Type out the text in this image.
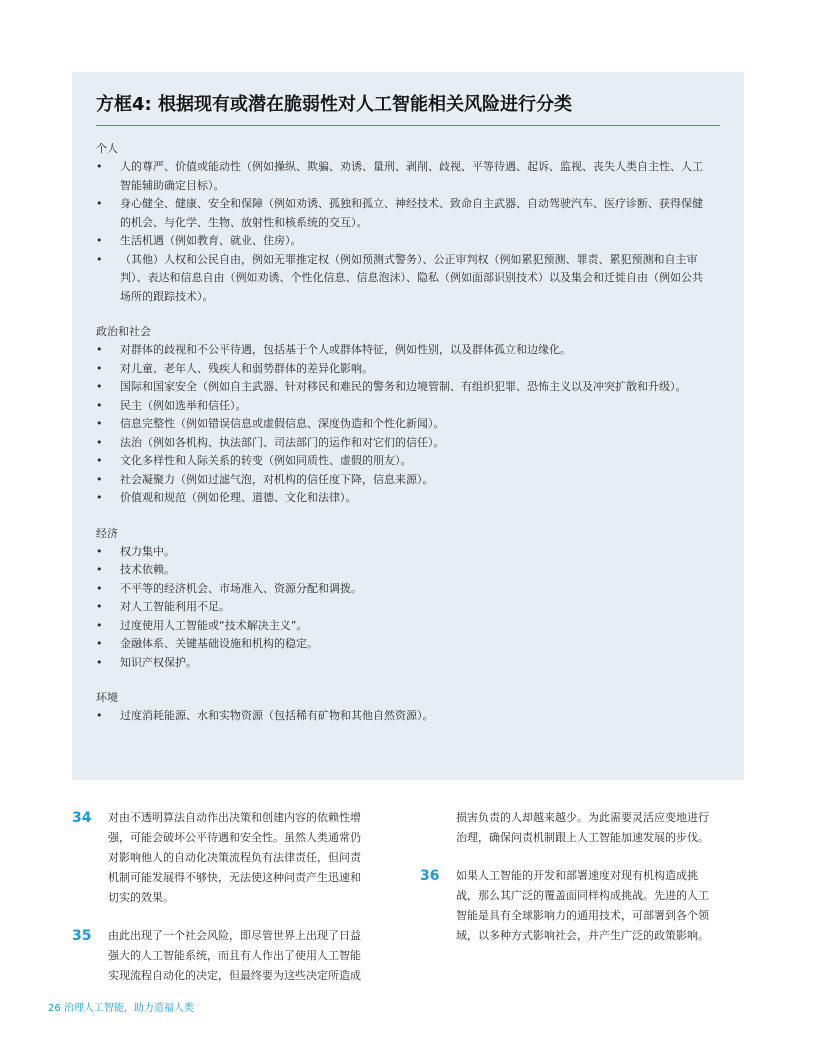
方框4: 根据现有或潜在脆弱性对人工智能相关风险进行分类
个人
• 人的尊严、价值或能动性（例如操纵、欺骗、劝诱、量刑、剥削、歧视、平等待遇、起诉、监视、丧失人类自主性、人工智能辅助确定目标）。
• 身心健全、健康、安全和保障（例如劝诱、孤独和孤立、神经技术、致命自主武器、自动驾驶汽车、医疗诊断、获得保健的机会、与化学、生物、放射性和核系统的交互）。
• 生活机遇（例如教育、就业、住房）。
• （其他）人权和公民自由，例如无罪推定权（例如预测式警务）、公正审判权（例如累犯预测、罪责、累犯预测和自主审判）、表达和信息自由（例如劝诱、个性化信息、信息泡沫）、隐私（例如面部识别技术）以及集会和迁徙自由（例如公共场所的跟踪技术）。
政治和社会
• 对群体的歧视和不公平待遇，包括基于个人或群体特征，例如性别，以及群体孤立和边缘化。
• 对儿童、老年人、残疾人和弱势群体的差异化影响。
• 国际和国家安全（例如自主武器、针对移民和难民的警务和边境管制、有组织犯罪、恐怖主义以及冲突扩散和升级）。
• 民主（例如选举和信任）。
• 信息完整性（例如错误信息或虚假信息、深度伪造和个性化新闻）。
• 法治（例如各机构、执法部门、司法部门的运作和对它们的信任）。
• 文化多样性和人际关系的转变（例如同质性、虚假的朋友）。
• 社会凝聚力（例如过滤气泡，对机构的信任度下降，信息来源）。
• 价值观和规范（例如伦理、道德、文化和法律）。
经济
• 权力集中。
• 技术依赖。
• 不平等的经济机会、市场准入、资源分配和调拨。
• 对人工智能利用不足。
• 过度使用人工智能或“技术解决主义”。
• 金融体系、关键基础设施和机构的稳定。
• 知识产权保护。
环境
• 过度消耗能源、水和实物资源（包括稀有矿物和其他自然资源）。
34 对由不透明算法自动作出决策和创建内容的依赖性增强，可能会破坏公平待遇和安全性。虽然人类通常仍对影响他人的自动化决策流程负有法律责任，但问责机制可能发展得不够快，无法使这种问责产生迅速和切实的效果。
35 由此出现了一个社会风险，即尽管世界上出现了日益强大的人工智能系统，而且有人作出了使用人工智能实现流程自动化的决定，但最终要为这些决定所造成
损害负责的人却越来越少。为此需要灵活应变地进行治理，确保问责机制跟上人工智能加速发展的步伐。
36 如果人工智能的开发和部署速度对现有机构造成挑战，那么其广泛的覆盖面同样构成挑战。先进的人工智能是具有全球影响力的通用技术，可部署到各个领域，以多种方式影响社会，并产生广泛的政策影响。
26 治理人工智能，助力造福人类
